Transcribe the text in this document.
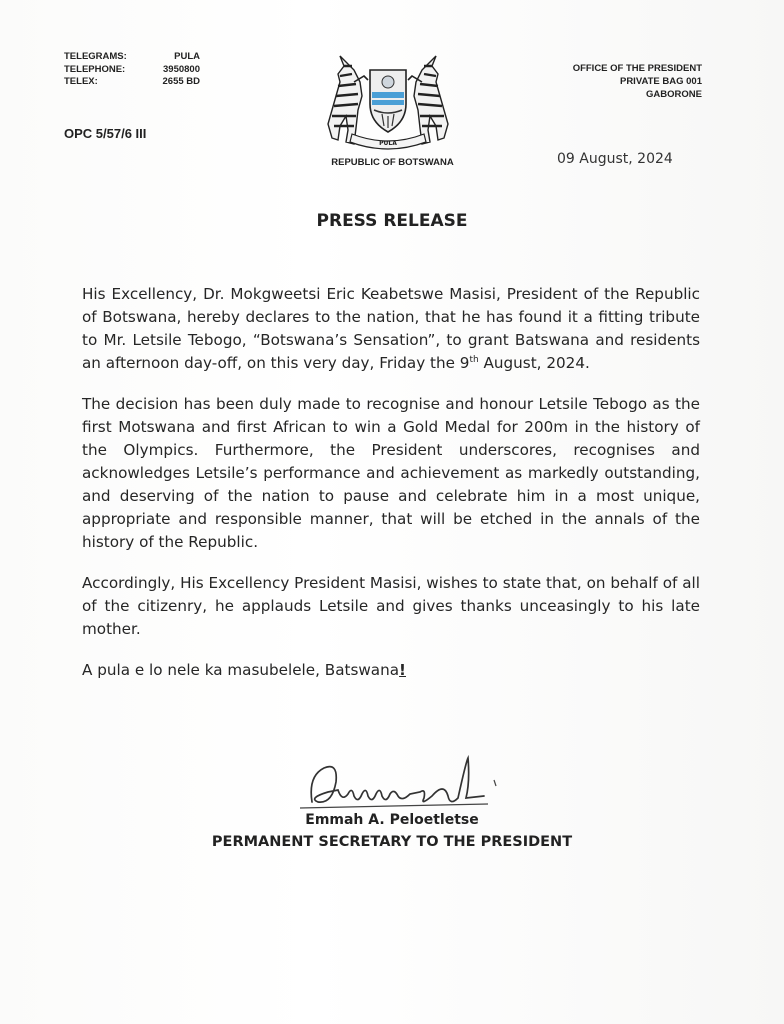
TELEGRAMS:	PULA
TELEPHONE:	3950800
TELEX:	2655 BD
OPC 5/57/6 III
OFFICE OF THE PRESIDENT
PRIVATE BAG 001
GABORONE
PULA
REPUBLIC OF BOTSWANA	09 August, 2024
PRESS RELEASE

His Excellency, Dr. Mokgweetsi Eric Keabetswe Masisi, President of the Republic of Botswana, hereby declares to the nation, that he has found it a fitting tribute to Mr. Letsile Tebogo, “Botswana’s Sensation”, to grant Batswana and residents an afternoon day-off, on this very day, Friday the 9th August, 2024.

The decision has been duly made to recognise and honour Letsile Tebogo as the first Motswana and first African to win a Gold Medal for 200m in the history of the Olympics. Furthermore, the President underscores, recognises and acknowledges Letsile’s performance and achievement as markedly outstanding, and deserving of the nation to pause and celebrate him in a most unique, appropriate and responsible manner, that will be etched in the annals of the history of the Republic.

Accordingly, His Excellency President Masisi, wishes to state that, on behalf of all of the citizenry, he applauds Letsile and gives thanks unceasingly to his late mother.

A pula e lo nele ka masubelele, Batswana!

Emmah A. Peloetletse
PERMANENT SECRETARY TO THE PRESIDENT
